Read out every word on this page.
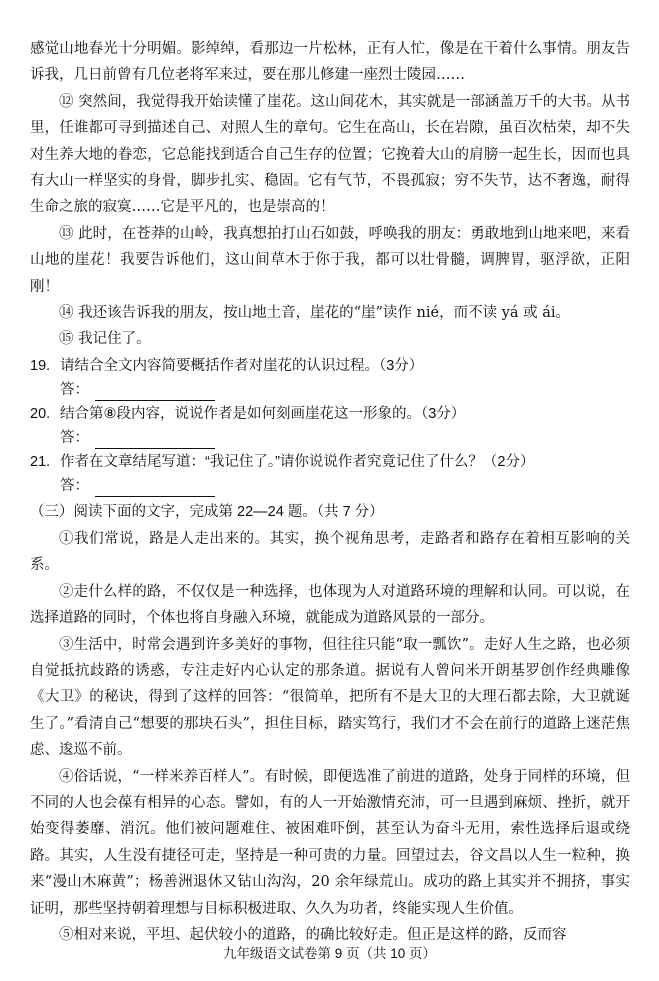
感觉山地春光十分明媚。影绰绰，看那边一片松林，正有人忙，像是在干着什么事情。朋友告诉我，几日前曾有几位老将军来过，要在那儿修建一座烈士陵园……

⑫ 突然间，我觉得我开始读懂了崖花。这山间花木，其实就是一部涵盖万千的大书。从书里，任谁都可寻到描述自己、对照人生的章句。它生在高山，长在岩隙，虽百次枯荣，却不失对生养大地的眷恋，它总能找到适合自己生存的位置；它挽着大山的肩膀一起生长，因而也具有大山一样坚实的身骨，脚步扎实、稳固。它有气节，不畏孤寂；穷不失节，达不奢逸，耐得生命之旅的寂寞……它是平凡的，也是崇高的！

⑬ 此时，在苍莽的山岭，我真想拍打山石如鼓，呼唤我的朋友：勇敢地到山地来吧，来看山地的崖花！我要告诉他们，这山间草木于你于我，都可以壮骨髓，调脾胃，驱浮欲，正阳刚！

⑭ 我还该告诉我的朋友，按山地土音，崖花的“崖”读作 nié，而不读 yá 或 ái。

⑮ 我记住了。

19. 请结合全文内容简要概括作者对崖花的认识过程。（3分）
答：
20. 结合第⑧段内容，说说作者是如何刻画崖花这一形象的。（3分）
答：
21. 作者在文章结尾写道：“我记住了。”请你说说作者究竟记住了什么？（2分）
答：

（三）阅读下面的文字，完成第 22—24 题。（共 7 分）

①我们常说，路是人走出来的。其实，换个视角思考，走路者和路存在着相互影响的关系。

②走什么样的路，不仅仅是一种选择，也体现为人对道路环境的理解和认同。可以说，在选择道路的同时，个体也将自身融入环境，就能成为道路风景的一部分。

③生活中，时常会遇到许多美好的事物，但往往只能“取一瓢饮”。走好人生之路，也必须自觉抵抗歧路的诱惑，专注走好内心认定的那条道。据说有人曾问米开朗基罗创作经典雕像《大卫》的秘诀，得到了这样的回答：“很简单，把所有不是大卫的大理石都去除，大卫就诞生了。”看清自己“想要的那块石头”，担住目标，踏实笃行，我们才不会在前行的道路上迷茫焦虑、逡巡不前。

④俗话说，“一样米养百样人”。有时候，即便选准了前进的道路，处身于同样的环境，但不同的人也会葆有相异的心态。譬如，有的人一开始激情充沛，可一旦遇到麻烦、挫折，就开始变得萎靡、消沉。他们被问题难住、被困难吓倒，甚至认为奋斗无用，索性选择后退或绕路。其实，人生没有捷径可走，坚持是一种可贵的力量。回望过去，谷文昌以人生一粒种，换来“漫山木麻黄”；杨善洲退休又钻山沟沟，20 余年绿荒山。成功的路上其实并不拥挤，事实证明，那些坚持朝着理想与目标积极进取、久久为功者，终能实现人生价值。

⑤相对来说，平坦、起伏较小的道路，的确比较好走。但正是这样的路，反而容

九年级语文试卷第 9 页（共 10 页）
